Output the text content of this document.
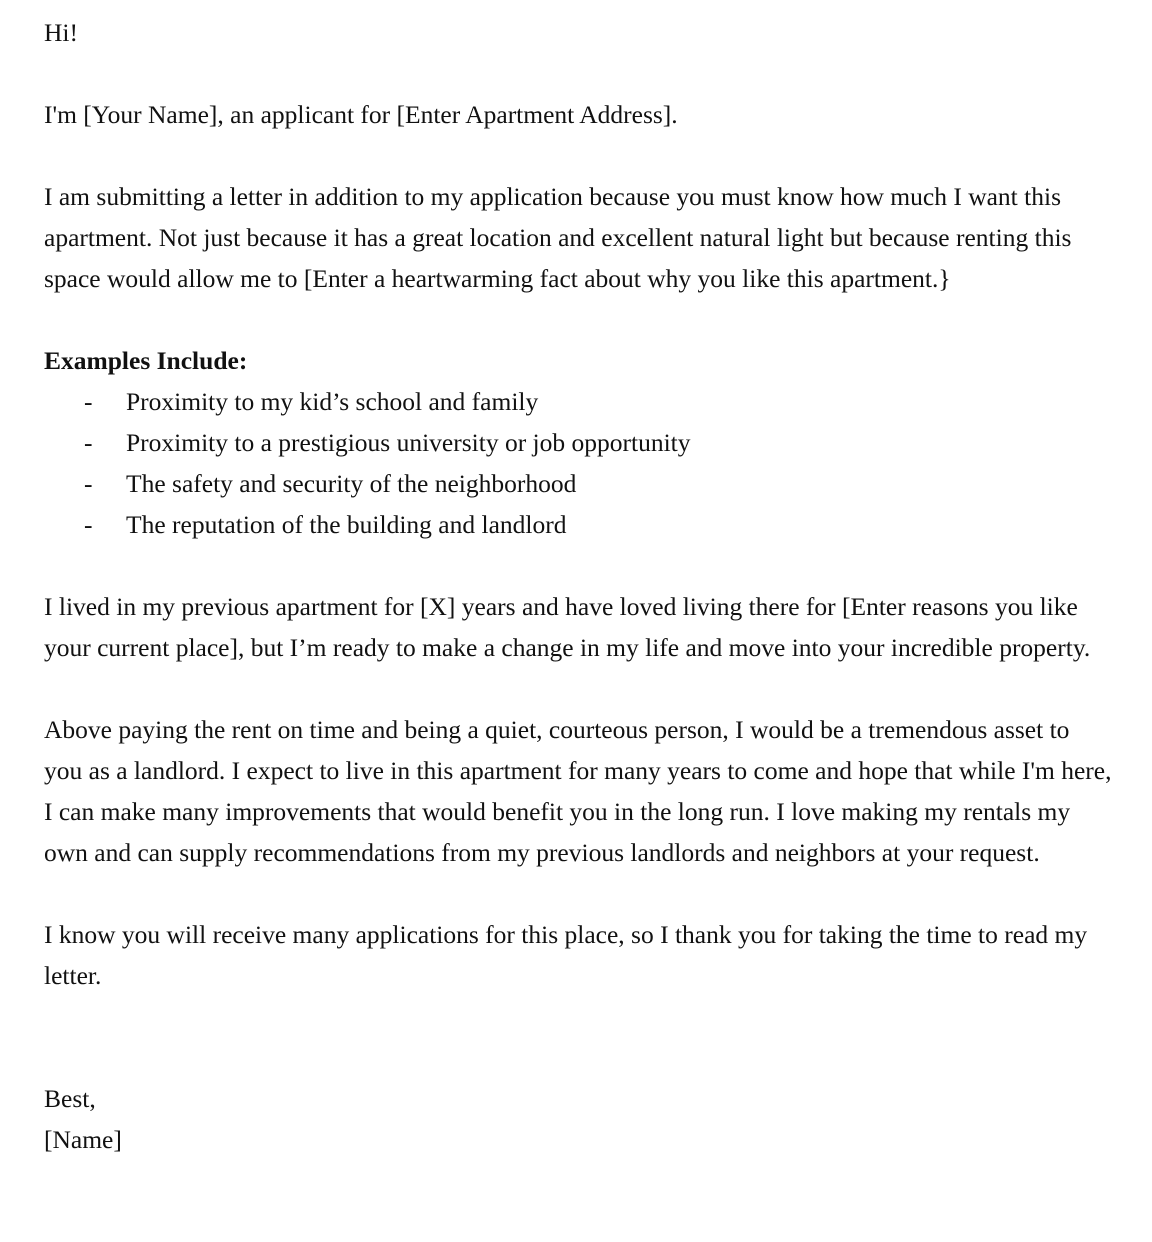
Hi!

I'm [Your Name], an applicant for [Enter Apartment Address].

I am submitting a letter in addition to my application because you must know how much I want this apartment. Not just because it has a great location and excellent natural light but because renting this space would allow me to [Enter a heartwarming fact about why you like this apartment.}

Examples Include:

- Proximity to my kid’s school and family
- Proximity to a prestigious university or job opportunity
- The safety and security of the neighborhood
- The reputation of the building and landlord

I lived in my previous apartment for [X] years and have loved living there for [Enter reasons you like your current place], but I’m ready to make a change in my life and move into your incredible property.

Above paying the rent on time and being a quiet, courteous person, I would be a tremendous asset to you as a landlord. I expect to live in this apartment for many years to come and hope that while I'm here, I can make many improvements that would benefit you in the long run. I love making my rentals my own and can supply recommendations from my previous landlords and neighbors at your request.

I know you will receive many applications for this place, so I thank you for taking the time to read my letter.

Best,

[Name]
